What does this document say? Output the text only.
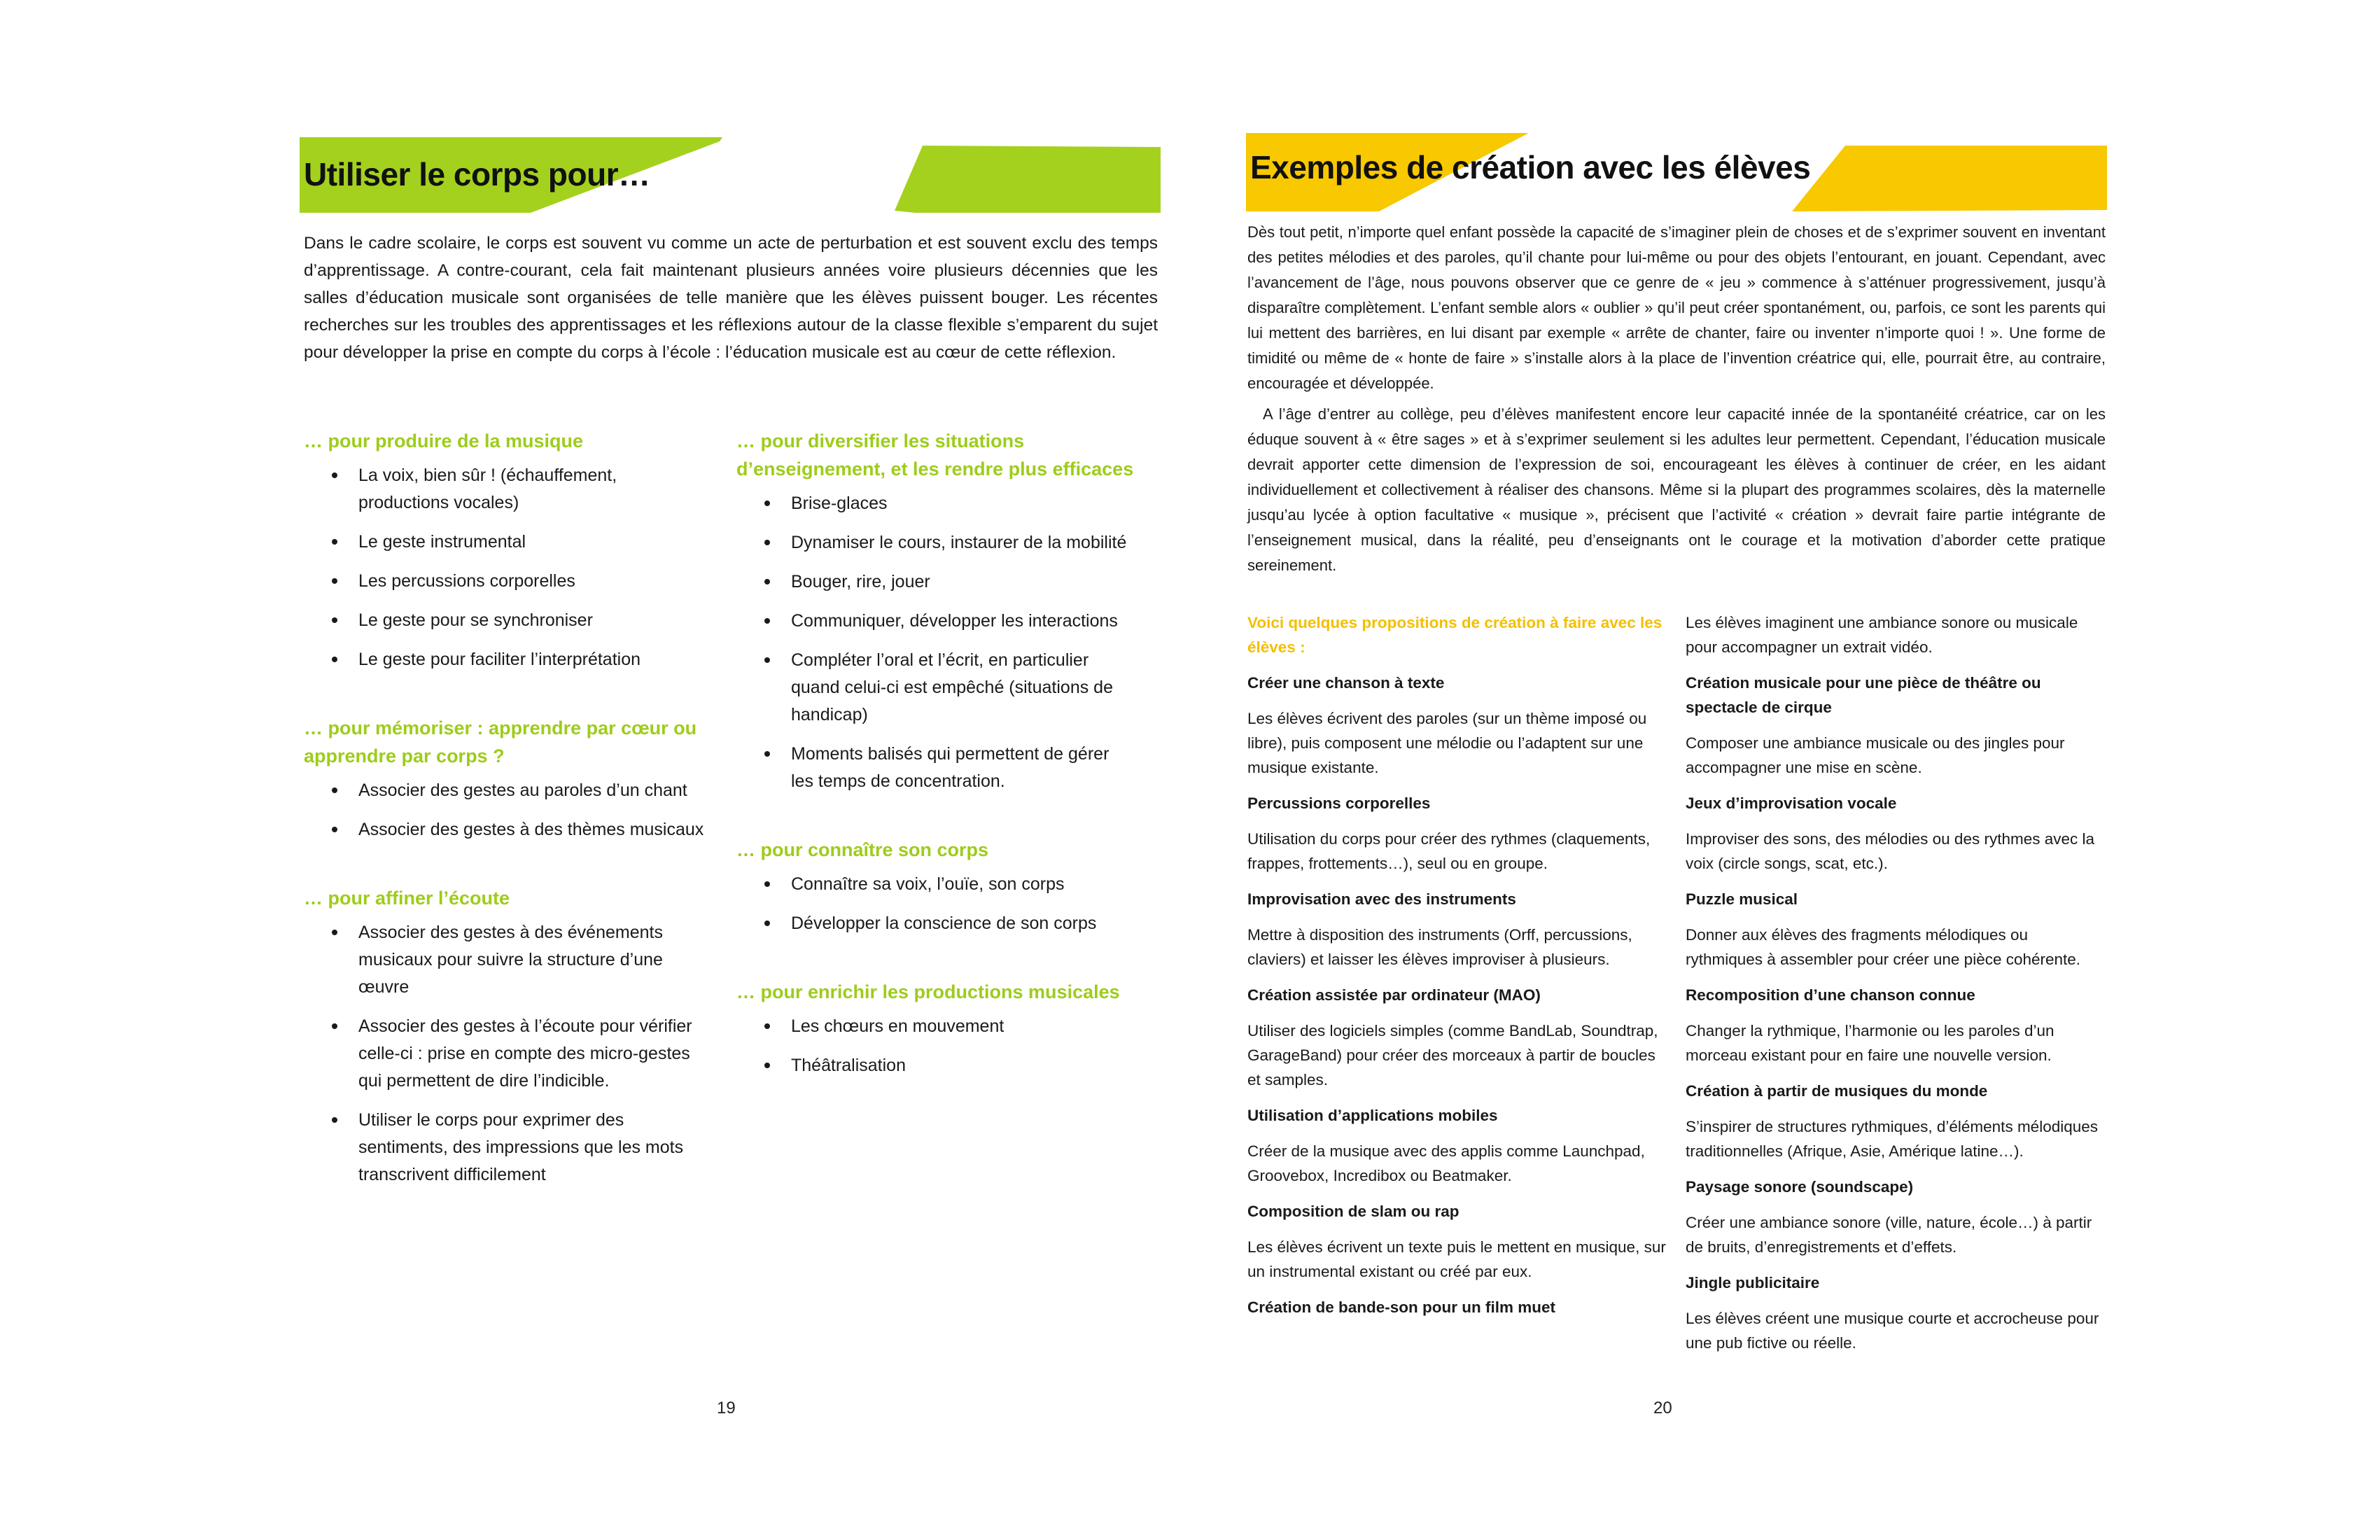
Utiliser le corps pour…

Dans le cadre scolaire, le corps est souvent vu comme un acte de perturbation et est souvent exclu des temps d’apprentissage. A contre-courant, cela fait maintenant plusieurs années voire plusieurs décennies que les salles d’éducation musicale sont organisées de telle manière que les élèves puissent bouger. Les récentes recherches sur les troubles des apprentissages et les réflexions autour de la classe flexible s’emparent du sujet pour développer la prise en compte du corps à l’école : l’éducation musicale est au cœur de cette réflexion.

… pour produire de la musique
La voix, bien sûr ! (échauffement, productions vocales)
Le geste instrumental
Les percussions corporelles
Le geste pour se synchroniser
Le geste pour faciliter l’interprétation
… pour mémoriser : apprendre par cœur ou apprendre par corps ?
Associer des gestes au paroles d’un chant
Associer des gestes à des thèmes musicaux
… pour affiner l’écoute
Associer des gestes à des événements musicaux pour suivre la structure d’une œuvre
Associer des gestes à l’écoute pour vérifier celle-ci : prise en compte des micro-gestes qui permettent de dire l’indicible.
Utiliser le corps pour exprimer des sentiments, des impressions que les mots transcrivent difficilement
… pour diversifier les situations d’enseignement, et les rendre plus efficaces
Brise-glaces
Dynamiser le cours, instaurer de la mobilité
Bouger, rire, jouer
Communiquer, développer les interactions
Compléter l’oral et l’écrit, en particulier quand celui-ci est empêché (situations de handicap)
Moments balisés qui permettent de gérer les temps de concentration.
… pour connaître son corps
Connaître sa voix, l’ouïe, son corps
Développer la conscience de son corps
… pour enrichir les productions musicales
Les chœurs en mouvement
Théâtralisation
19
Exemples de création avec les élèves

Dès tout petit, n’importe quel enfant possède la capacité de s’imaginer plein de choses et de s’exprimer souvent en inventant des petites mélodies et des paroles, qu’il chante pour lui-même ou pour des objets l’entourant, en jouant. Cependant, avec l’avancement de l’âge, nous pouvons observer que ce genre de « jeu » commence à s’atténuer progressivement, jusqu’à disparaître complètement. L’enfant semble alors « oublier » qu’il peut créer spontanément, ou, parfois, ce sont les parents qui lui mettent des barrières, en lui disant par exemple « arrête de chanter, faire ou inventer n’importe quoi ! ». Une forme de timidité ou même de « honte de faire » s’installe alors à la place de l’invention créatrice qui, elle, pourrait être, au contraire, encouragée et développée.

A l’âge d’entrer au collège, peu d’élèves manifestent encore leur capacité innée de la spontanéité créatrice, car on les éduque souvent à « être sages » et à s’exprimer seulement si les adultes leur permettent. Cependant, l’éducation musicale devrait apporter cette dimension de l’expression de soi, encourageant les élèves à continuer de créer, en les aidant individuellement et collectivement à réaliser des chansons. Même si la plupart des programmes scolaires, dès la maternelle jusqu’au lycée à option facultative « musique », précisent que l’activité « création » devrait faire partie intégrante de l’enseignement musical, dans la réalité, peu d’enseignants ont le courage et la motivation d’aborder cette pratique sereinement.

Voici quelques propositions de création à faire avec les élèves :

Créer une chanson à texte

Les élèves écrivent des paroles (sur un thème imposé ou libre), puis composent une mélodie ou l’adaptent sur une musique existante.

Percussions corporelles

Utilisation du corps pour créer des rythmes (claquements, frappes, frottements…), seul ou en groupe.

Improvisation avec des instruments

Mettre à disposition des instruments (Orff, percussions, claviers) et laisser les élèves improviser à plusieurs.

Création assistée par ordinateur (MAO)

Utiliser des logiciels simples (comme BandLab, Soundtrap, GarageBand) pour créer des morceaux à partir de boucles et samples.

Utilisation d’applications mobiles

Créer de la musique avec des applis comme Launchpad, Groovebox, Incredibox ou Beatmaker.

Composition de slam ou rap

Les élèves écrivent un texte puis le mettent en musique, sur un instrumental existant ou créé par eux.

Création de bande-son pour un film muet

Les élèves imaginent une ambiance sonore ou musicale pour accompagner un extrait vidéo.

Création musicale pour une pièce de théâtre ou spectacle de cirque

Composer une ambiance musicale ou des jingles pour accompagner une mise en scène.

Jeux d’improvisation vocale

Improviser des sons, des mélodies ou des rythmes avec la voix (circle songs, scat, etc.).

Puzzle musical

Donner aux élèves des fragments mélodiques ou rythmiques à assembler pour créer une pièce cohérente.

Recomposition d’une chanson connue

Changer la rythmique, l’harmonie ou les paroles d’un morceau existant pour en faire une nouvelle version.

Création à partir de musiques du monde

S’inspirer de structures rythmiques, d’éléments mélodiques traditionnelles (Afrique, Asie, Amérique latine…).

Paysage sonore (soundscape)

Créer une ambiance sonore (ville, nature, école…) à partir de bruits, d’enregistrements et d’effets.

Jingle publicitaire

Les élèves créent une musique courte et accrocheuse pour une pub fictive ou réelle.

20
